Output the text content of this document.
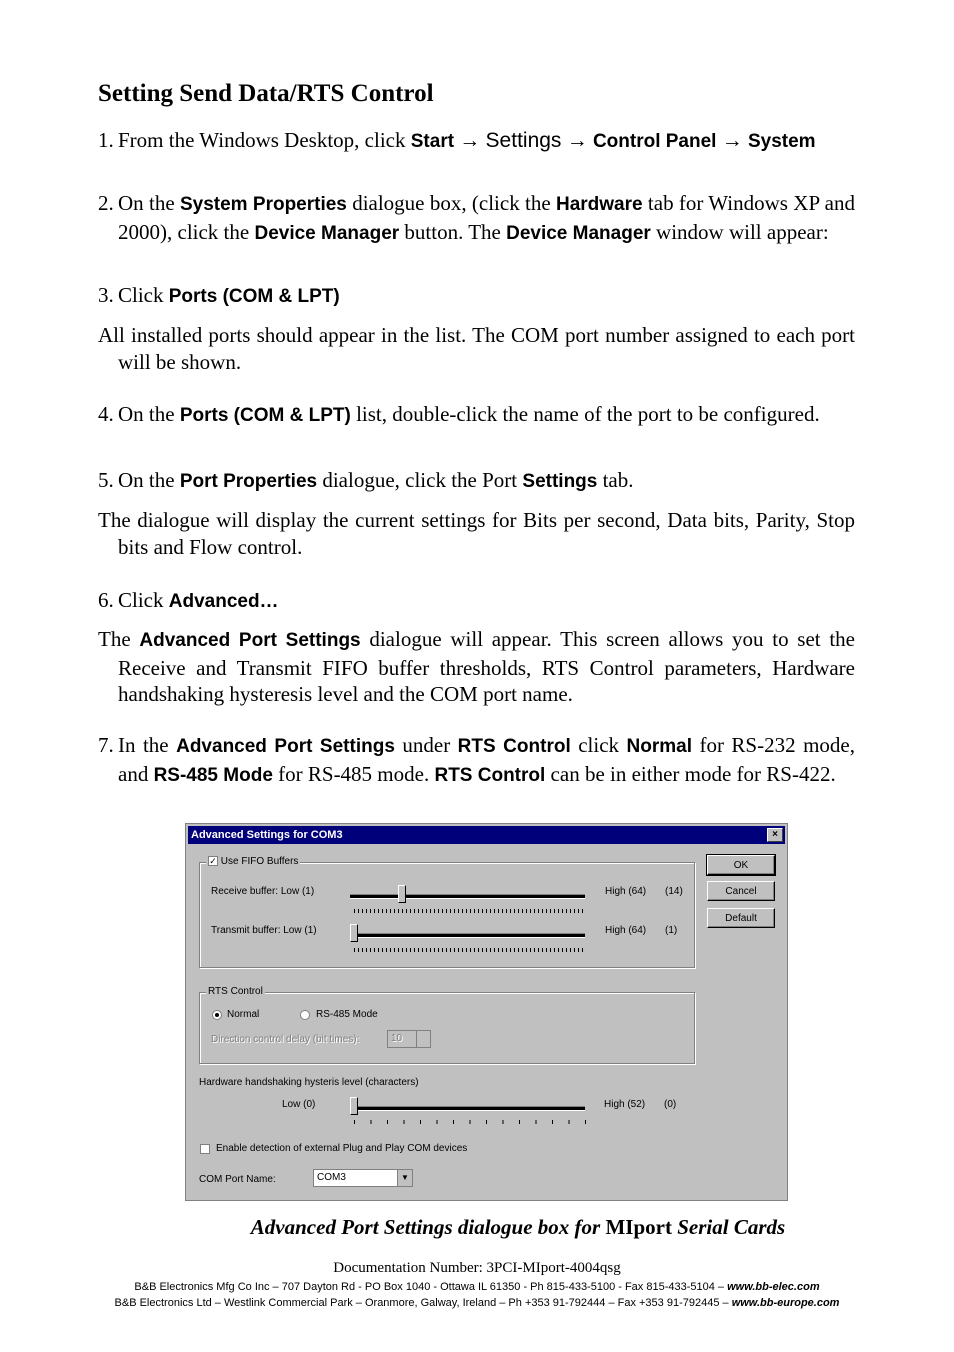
Setting Send Data/RTS Control
1. From the Windows Desktop, click Start → Settings → Control Panel → System
2. On the System Properties dialogue box, (click the Hardware tab for Windows XP and 2000), click the Device Manager button. The Device Manager window will appear:
3. Click Ports (COM & LPT)
All installed ports should appear in the list. The COM port number assigned to each port will be shown.
4. On the Ports (COM & LPT) list, double-click the name of the port to be configured.
5. On the Port Properties dialogue, click the Port Settings tab.
The dialogue will display the current settings for Bits per second, Data bits, Parity, Stop bits and Flow control.
6. Click Advanced…
The Advanced Port Settings dialogue will appear. This screen allows you to set the Receive and Transmit FIFO buffer thresholds, RTS Control parameters, Hardware handshaking hysteresis level and the COM port name.
7. In the Advanced Port Settings under RTS Control click Normal for RS-232 mode, and RS-485 Mode for RS-485 mode. RTS Control can be in either mode for RS-422.
Advanced Settings for COM3	×
✓ Use FIFO Buffers
Receive buffer: Low (1)	High (64) (14)
Transmit buffer: Low (1)	High (64) (1)
OK
Cancel
Default
RTS Control
Normal	RS-485 Mode
Direction control delay (bit times):	10
Hardware handshaking hysteris level (characters)
Low (0)	High (52) (0)
Enable detection of external Plug and Play COM devices
COM Port Name:	COM3	▼
Advanced Port Settings dialogue box for MIport Serial Cards
Documentation Number: 3PCI-MIport-4004qsg
B&B Electronics Mfg Co Inc – 707 Dayton Rd - PO Box 1040 - Ottawa IL 61350 - Ph 815-433-5100 - Fax 815-433-5104 – www.bb-elec.com
B&B Electronics Ltd – Westlink Commercial Park – Oranmore, Galway, Ireland – Ph +353 91-792444 – Fax +353 91-792445 – www.bb-europe.com
